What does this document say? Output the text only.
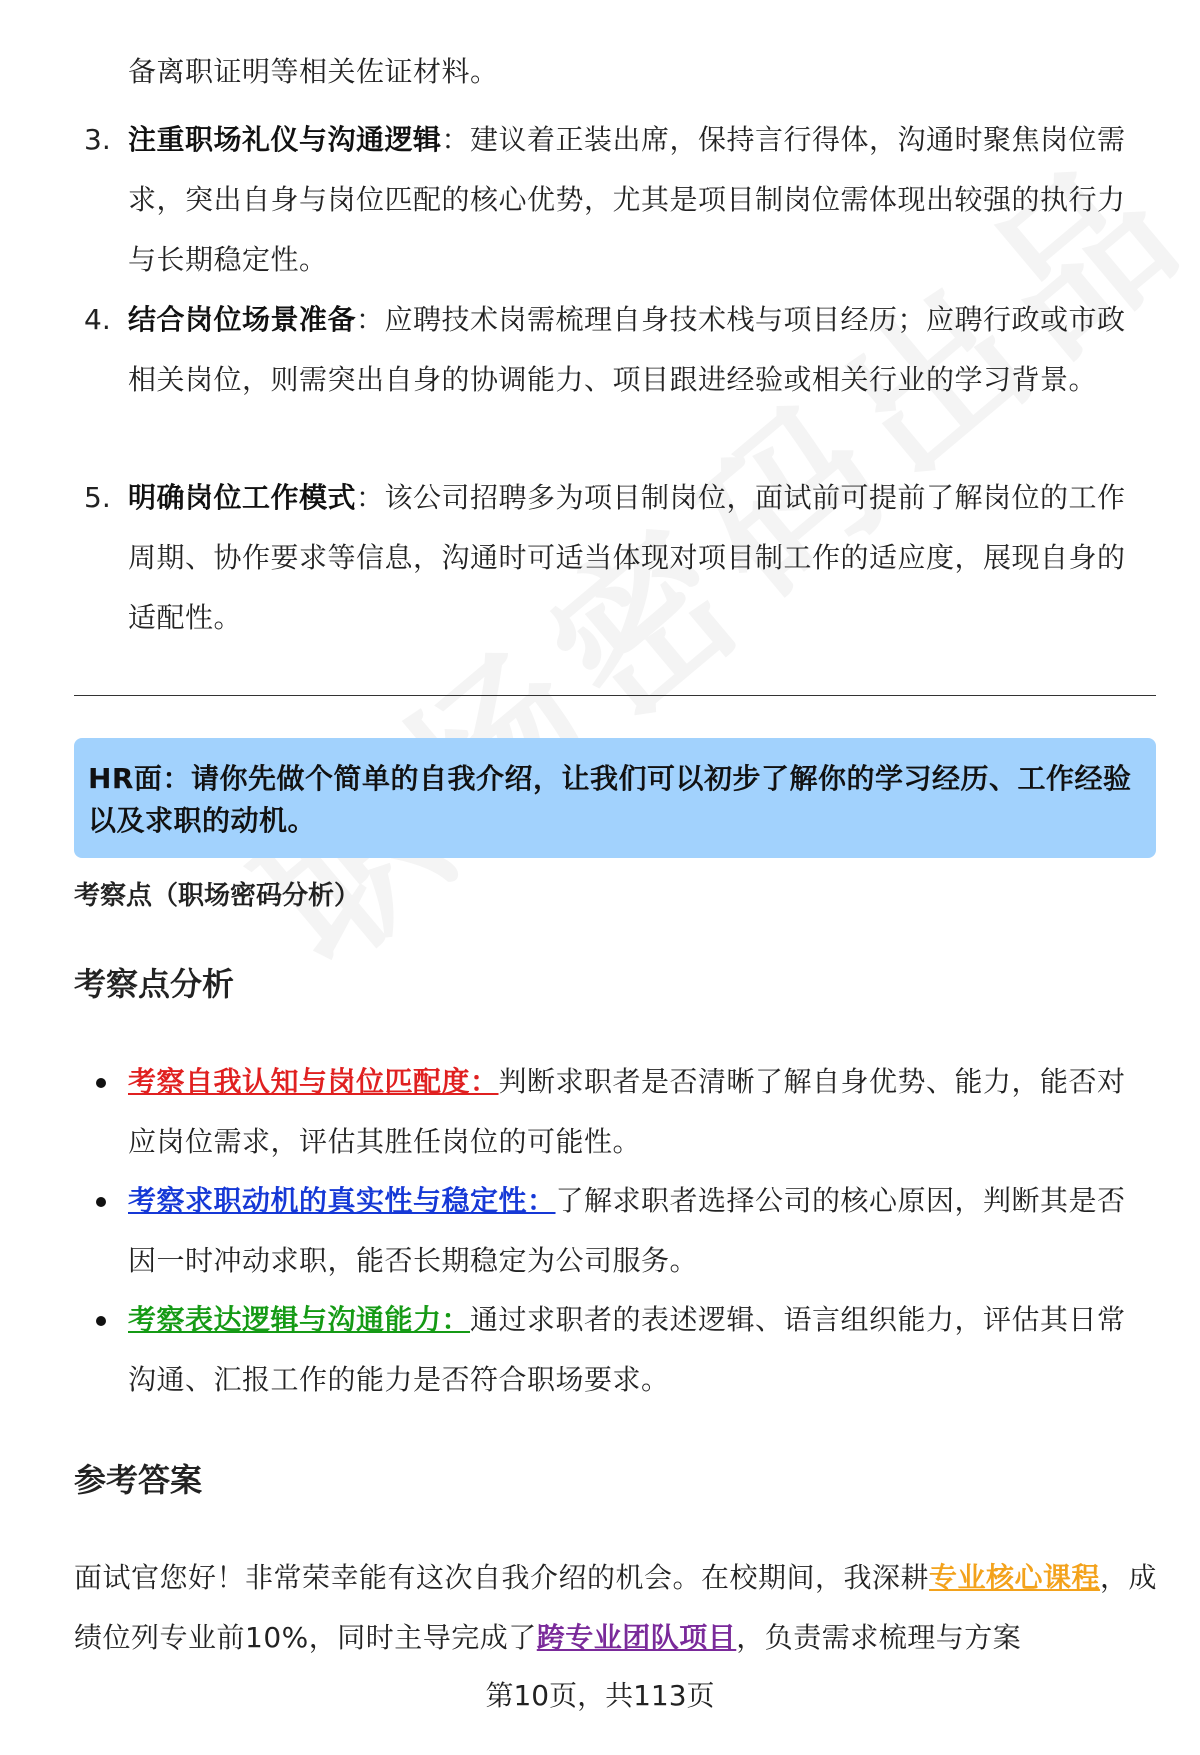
备离职证明等相关佐证材料。
3. 注重职场礼仪与沟通逻辑：建议着正装出席，保持言行得体，沟通时聚焦岗位需求，突出自身与岗位匹配的核心优势，尤其是项目制岗位需体现出较强的执行力与长期稳定性。
4. 结合岗位场景准备：应聘技术岗需梳理自身技术栈与项目经历；应聘行政或市政相关岗位，则需突出自身的协调能力、项目跟进经验或相关行业的学习背景。
5. 明确岗位工作模式：该公司招聘多为项目制岗位，面试前可提前了解岗位的工作周期、协作要求等信息，沟通时可适当体现对项目制工作的适应度，展现自身的适配性。
HR面：请你先做个简单的自我介绍，让我们可以初步了解你的学习经历、工作经验以及求职的动机。
考察点（职场密码分析）
考察点分析
考察自我认知与岗位匹配度：判断求职者是否清晰了解自身优势、能力，能否对应岗位需求，评估其胜任岗位的可能性。
考察求职动机的真实性与稳定性：了解求职者选择公司的核心原因，判断其是否因一时冲动求职，能否长期稳定为公司服务。
考察表达逻辑与沟通能力：通过求职者的表述逻辑、语言组织能力，评估其日常沟通、汇报工作的能力是否符合职场要求。
参考答案
面试官您好！非常荣幸能有这次自我介绍的机会。在校期间，我深耕专业核心课程，成绩位列专业前10%，同时主导完成了跨专业团队项目，负责需求梳理与方案
第10页，共113页
